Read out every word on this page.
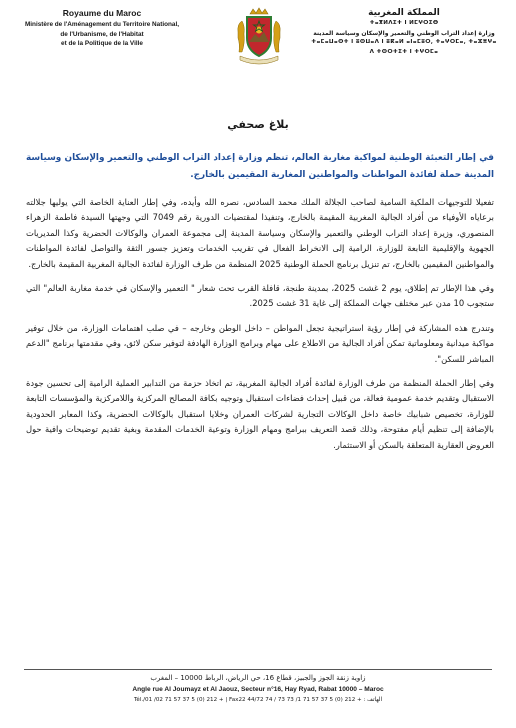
Royaume du Maroc
Ministère de l'Aménagement du Territoire National,
de l'Urbanisme, de l'Habitat
et de la Politique de la Ville
المملكة المغربية
ⵜⴰⴳⵍⴷⵉⵜ ⵏ ⵍⵎⵖⵔⵉⴱ
وزارة إعداد التراب الوطني والتعمير والإسكان وسياسة المدينة
ⵜⴰⵎⴰⵡⴰⵙⵜ ⵏ ⵓⵙⵡⴰⴷ ⵏ ⵓⴽⴰⵍ ⴰⵏⴰⵎⵓⵔ, ⵜⴰⵖⵔⵎⴰ, ⵜⴰⵣⴻⵖⴰ
ⴷ ⵜⵙⵔⵜⵉⵜ ⵏ ⵜⵖⵔⵎⴰ
بلاغ صحفي

في إطار التعبئة الوطنية لمواكبة مغاربة العالم، تنظم وزارة إعداد التراب الوطني والتعمير والإسكان وسياسة المدينة حملة لفائدة المواطنات والمواطنين المغاربة المقيمين بالخارج.

تفعيلا للتوجيهات الملكية السامية لصاحب الجلالة الملك محمد السادس، نصره الله وأيده، وفي إطار العناية الخاصة التي يوليها جلالته برعاياه الأوفياء من أفراد الجالية المغربية المقيمة بالخارج، وتنفيذا لمقتضيات الدورية رقم 7049 التي وجهتها السيدة فاطمة الزهراء المنصوري، وزيرة إعداد التراب الوطني والتعمير والإسكان وسياسة المدينة إلى مجموعة العمران والوكالات الحضرية وكذا المديريات الجهوية والإقليمية التابعة للوزارة، الرامية إلى الانخراط الفعال في تقريب الخدمات وتعزيز جسور الثقة والتواصل لفائدة المواطنات والمواطنين المقيمين بالخارج، تم تنزيل برنامج الحملة الوطنية 2025 المنظمة من طرف الوزارة لفائدة الجالية المغربية المقيمة بالخارج.

وفي هذا الإطار تم إطلاق، يوم 2 غشت 2025، بمدينة طنجة، قافلة القرب تحت شعار " التعمير والإسكان في خدمة مغاربة العالم" التي ستجوب 10 مدن عبر مختلف جهات المملكة إلى غاية 31 غشت 2025.

وتندرج هذه المشاركة في إطار رؤية استراتيجية تجعل المواطن – داخل الوطن وخارجه – في صلب اهتمامات الوزارة، من خلال توفير مواكبة ميدانية ومعلوماتية تمكن أفراد الجالية من الاطلاع على مهام وبرامج الوزارة الهادفة لتوفير سكن لائق، وفي مقدمتها برنامج "الدعم المباشر للسكن".

وفي إطار الحملة المنظمة من طرف الوزارة لفائدة أفراد الجالية المغربية، تم اتخاذ حزمة من التدابير العملية الرامية إلى تحسين جودة الاستقبال وتقديم خدمة عمومية فعالة، من قبيل إحداث فضاءات استقبال وتوجيه بكافة المصالح المركزية واللامركزية والمؤسسات التابعة للوزارة، تخصيص شبابيك خاصة داخل الوكالات التجارية لشركات العمران وخلايا استقبال بالوكالات الحضرية، وكذا المعابر الحدودية بالإضافة إلى تنظيم أيام مفتوحة، وذلك قصد التعريف ببرامج ومهام الوزارة وتوعية الخدمات المقدمة وبغية تقديم توضيحات وافية حول العروض العقارية المتعلقة بالسكن أو الاستثمار.

زاوية زنقة الجوز والجبيز، قطاع 16، حي الرياض، الرباط 10000 – المغرب
Angle rue Al Joumayz et Al Jaouz, Secteur n°16, Hay Ryad, Rabat 10000 – Maroc
Tél./01 /02 71 57 37 5 (0) 212 + | Fax22 44/72 74 / 73 73 /1 71 57 37 5 (0) 212 + : الهاتف
